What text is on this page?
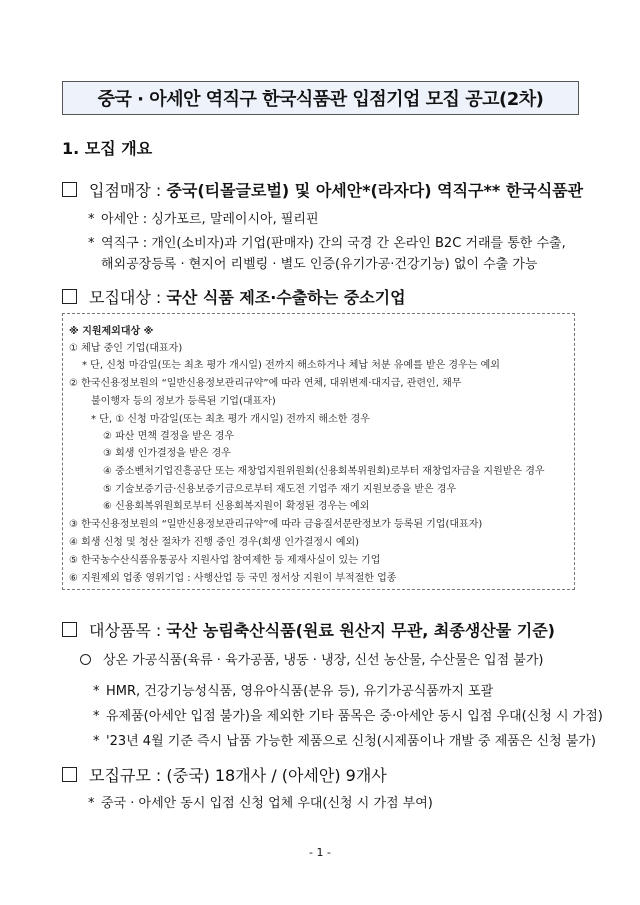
중국 · 아세안 역직구 한국식품관 입점기업 모집 공고(2차)
1. 모집 개요
입점매장 : 중국(티몰글로벌) 및 아세안*(라자다) 역직구** 한국식품관
* 아세안 : 싱가포르, 말레이시아, 필리핀
* 역직구 : 개인(소비자)과 기업(판매자) 간의 국경 간 온라인 B2C 거래를 통한 수출,
해외공장등록 · 현지어 리벨링 · 별도 인증(유기가공·건강기능) 없이 수출 가능
모집대상 : 국산 식품 제조·수출하는 중소기업
※ 지원제외대상 ※
① 체납 중인 기업(대표자)
* 단, 신청 마감일(또는 최초 평가 개시일) 전까지 해소하거나 체납 처분 유예를 받은 경우는 예외
② 한국신용정보원의 “일반신용정보관리규약”에 따라 연체, 대위변제·대지급, 관련인, 채무
불이행자 등의 정보가 등록된 기업(대표자)
* 단, ① 신청 마감일(또는 최초 평가 개시일) 전까지 해소한 경우
② 파산 면책 결정을 받은 경우
③ 회생 인가결정을 받은 경우
④ 중소벤처기업진흥공단 또는 재창업지원위원회(신용회복위원회)로부터 재창업자금을 지원받은 경우
⑤ 기술보증기금·신용보증기금으로부터 재도전 기업주 재기 지원보증을 받은 경우
⑥ 신용회복위원회로부터 신용회복지원이 확정된 경우는 예외
③ 한국신용정보원의 “일반신용정보관리규약”에 따라 금융질서문란정보가 등록된 기업(대표자)
④ 회생 신청 및 청산 절차가 진행 중인 경우(회생 인가결정시 예외)
⑤ 한국농수산식품유통공사 지원사업 참여제한 등 제재사실이 있는 기업
⑥ 지원제외 업종 영위기업 : 사행산업 등 국민 정서상 지원이 부적절한 업종
대상품목 : 국산 농림축산식품(원료 원산지 무관, 최종생산물 기준)
상온 가공식품(육류 · 육가공품, 냉동 · 냉장, 신선 농산물, 수산물은 입점 불가)
* HMR, 건강기능성식품, 영유아식품(분유 등), 유기가공식품까지 포괄
* 유제품(아세안 입점 불가)을 제외한 기타 품목은 중·아세안 동시 입점 우대(신청 시 가점)
* '23년 4월 기준 즉시 납품 가능한 제품으로 신청(시제품이나 개발 중 제품은 신청 불가)
모집규모 : (중국) 18개사 / (아세안) 9개사
* 중국 · 아세안 동시 입점 신청 업체 우대(신청 시 가점 부여)
- 1 -
